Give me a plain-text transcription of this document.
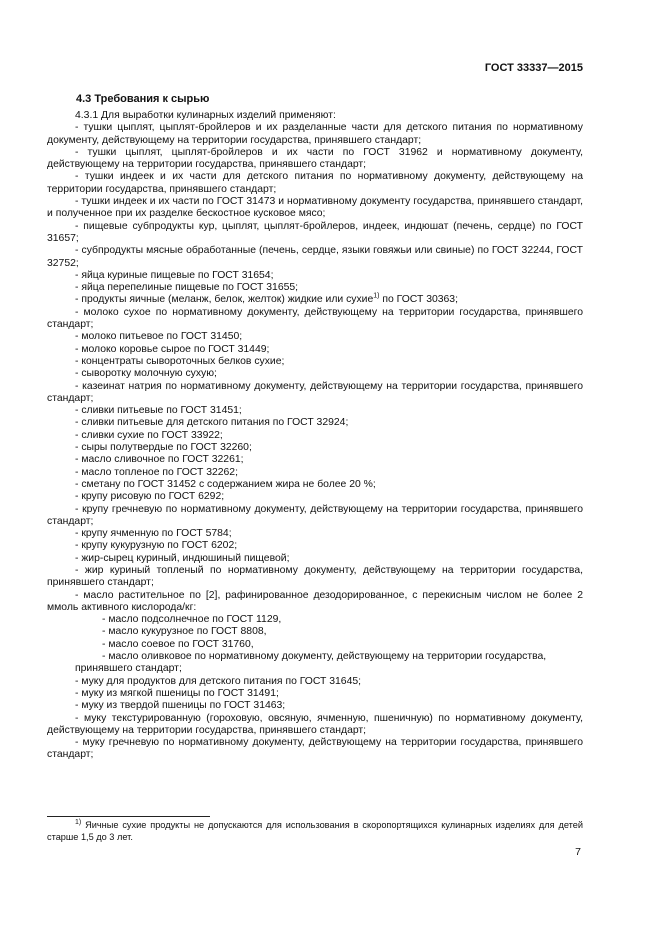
ГОСТ 33337—2015
4.3 Требования к сырью

4.3.1 Для выработки кулинарных изделий применяют:

- тушки цыплят, цыплят-бройлеров и их разделанные части для детского питания по нормативному документу, действующему на территории государства, принявшего стандарт;

- тушки цыплят, цыплят-бройлеров и их части по ГОСТ 31962 и нормативному документу, действующему на территории государства, принявшего стандарт;

- тушки индеек и их части для детского питания по нормативному документу, действующему на территории государства, принявшего стандарт;

- тушки индеек и их части по ГОСТ 31473 и нормативному документу государства, принявшего стандарт, и полученное при их разделке бескостное кусковое мясо;

- пищевые субпродукты кур, цыплят, цыплят-бройлеров, индеек, индюшат (печень, сердце) по ГОСТ 31657;

- субпродукты мясные обработанные (печень, сердце, языки говяжьи или свиные) по ГОСТ 32244, ГОСТ 32752;

- яйца куриные пищевые по ГОСТ 31654;

- яйца перепелиные пищевые по ГОСТ 31655;

- продукты яичные (меланж, белок, желток) жидкие или сухие$^{1)}$ по ГОСТ 30363;

- молоко сухое по нормативному документу, действующему на территории государства, принявшего стандарт;

- молоко питьевое по ГОСТ 31450;

- молоко коровье сырое по ГОСТ 31449;

- концентраты сывороточных белков сухие;

- сыворотку молочную сухую;

- казеинат натрия по нормативному документу, действующему на территории государства, принявшего стандарт;

- сливки питьевые по ГОСТ 31451;

- сливки питьевые для детского питания по ГОСТ 32924;

- сливки сухие по ГОСТ 33922;

- сыры полутвердые по ГОСТ 32260;

- масло сливочное по ГОСТ 32261;

- масло топленое по ГОСТ 32262;

- сметану по ГОСТ 31452 с содержанием жира не более 20 %;

- крупу рисовую по ГОСТ 6292;

- крупу гречневую по нормативному документу, действующему на территории государства, принявшего стандарт;

- крупу ячменную по ГОСТ 5784;

- крупу кукурузную по ГОСТ 6202;

- жир-сырец куриный, индюшиный пищевой;

- жир куриный топленый по нормативному документу, действующему на территории государства, принявшего стандарт;

- масло растительное по [2], рафинированное дезодорированное, с перекисным числом не более 2 ммоль активного кислорода/кг:

- масло подсолнечное по ГОСТ 1129,

- масло кукурузное по ГОСТ 8808,

- масло соевое по ГОСТ 31760,

- масло оливковое по нормативному документу, действующему на территории государства,

принявшего стандарт;

- муку для продуктов для детского питания по ГОСТ 31645;

- муку из мягкой пшеницы по ГОСТ 31491;

- муку из твердой пшеницы по ГОСТ 31463;

- муку текстурированную (гороховую, овсяную, ячменную, пшеничную) по нормативному документу, действующему на территории государства, принявшего стандарт;

- муку гречневую по нормативному документу, действующему на территории государства, принявшего стандарт;

$^{1)}$ Яичные сухие продукты не допускаются для использования в скоропортящихся кулинарных изделиях для детей старше 1,5 до 3 лет.
7
